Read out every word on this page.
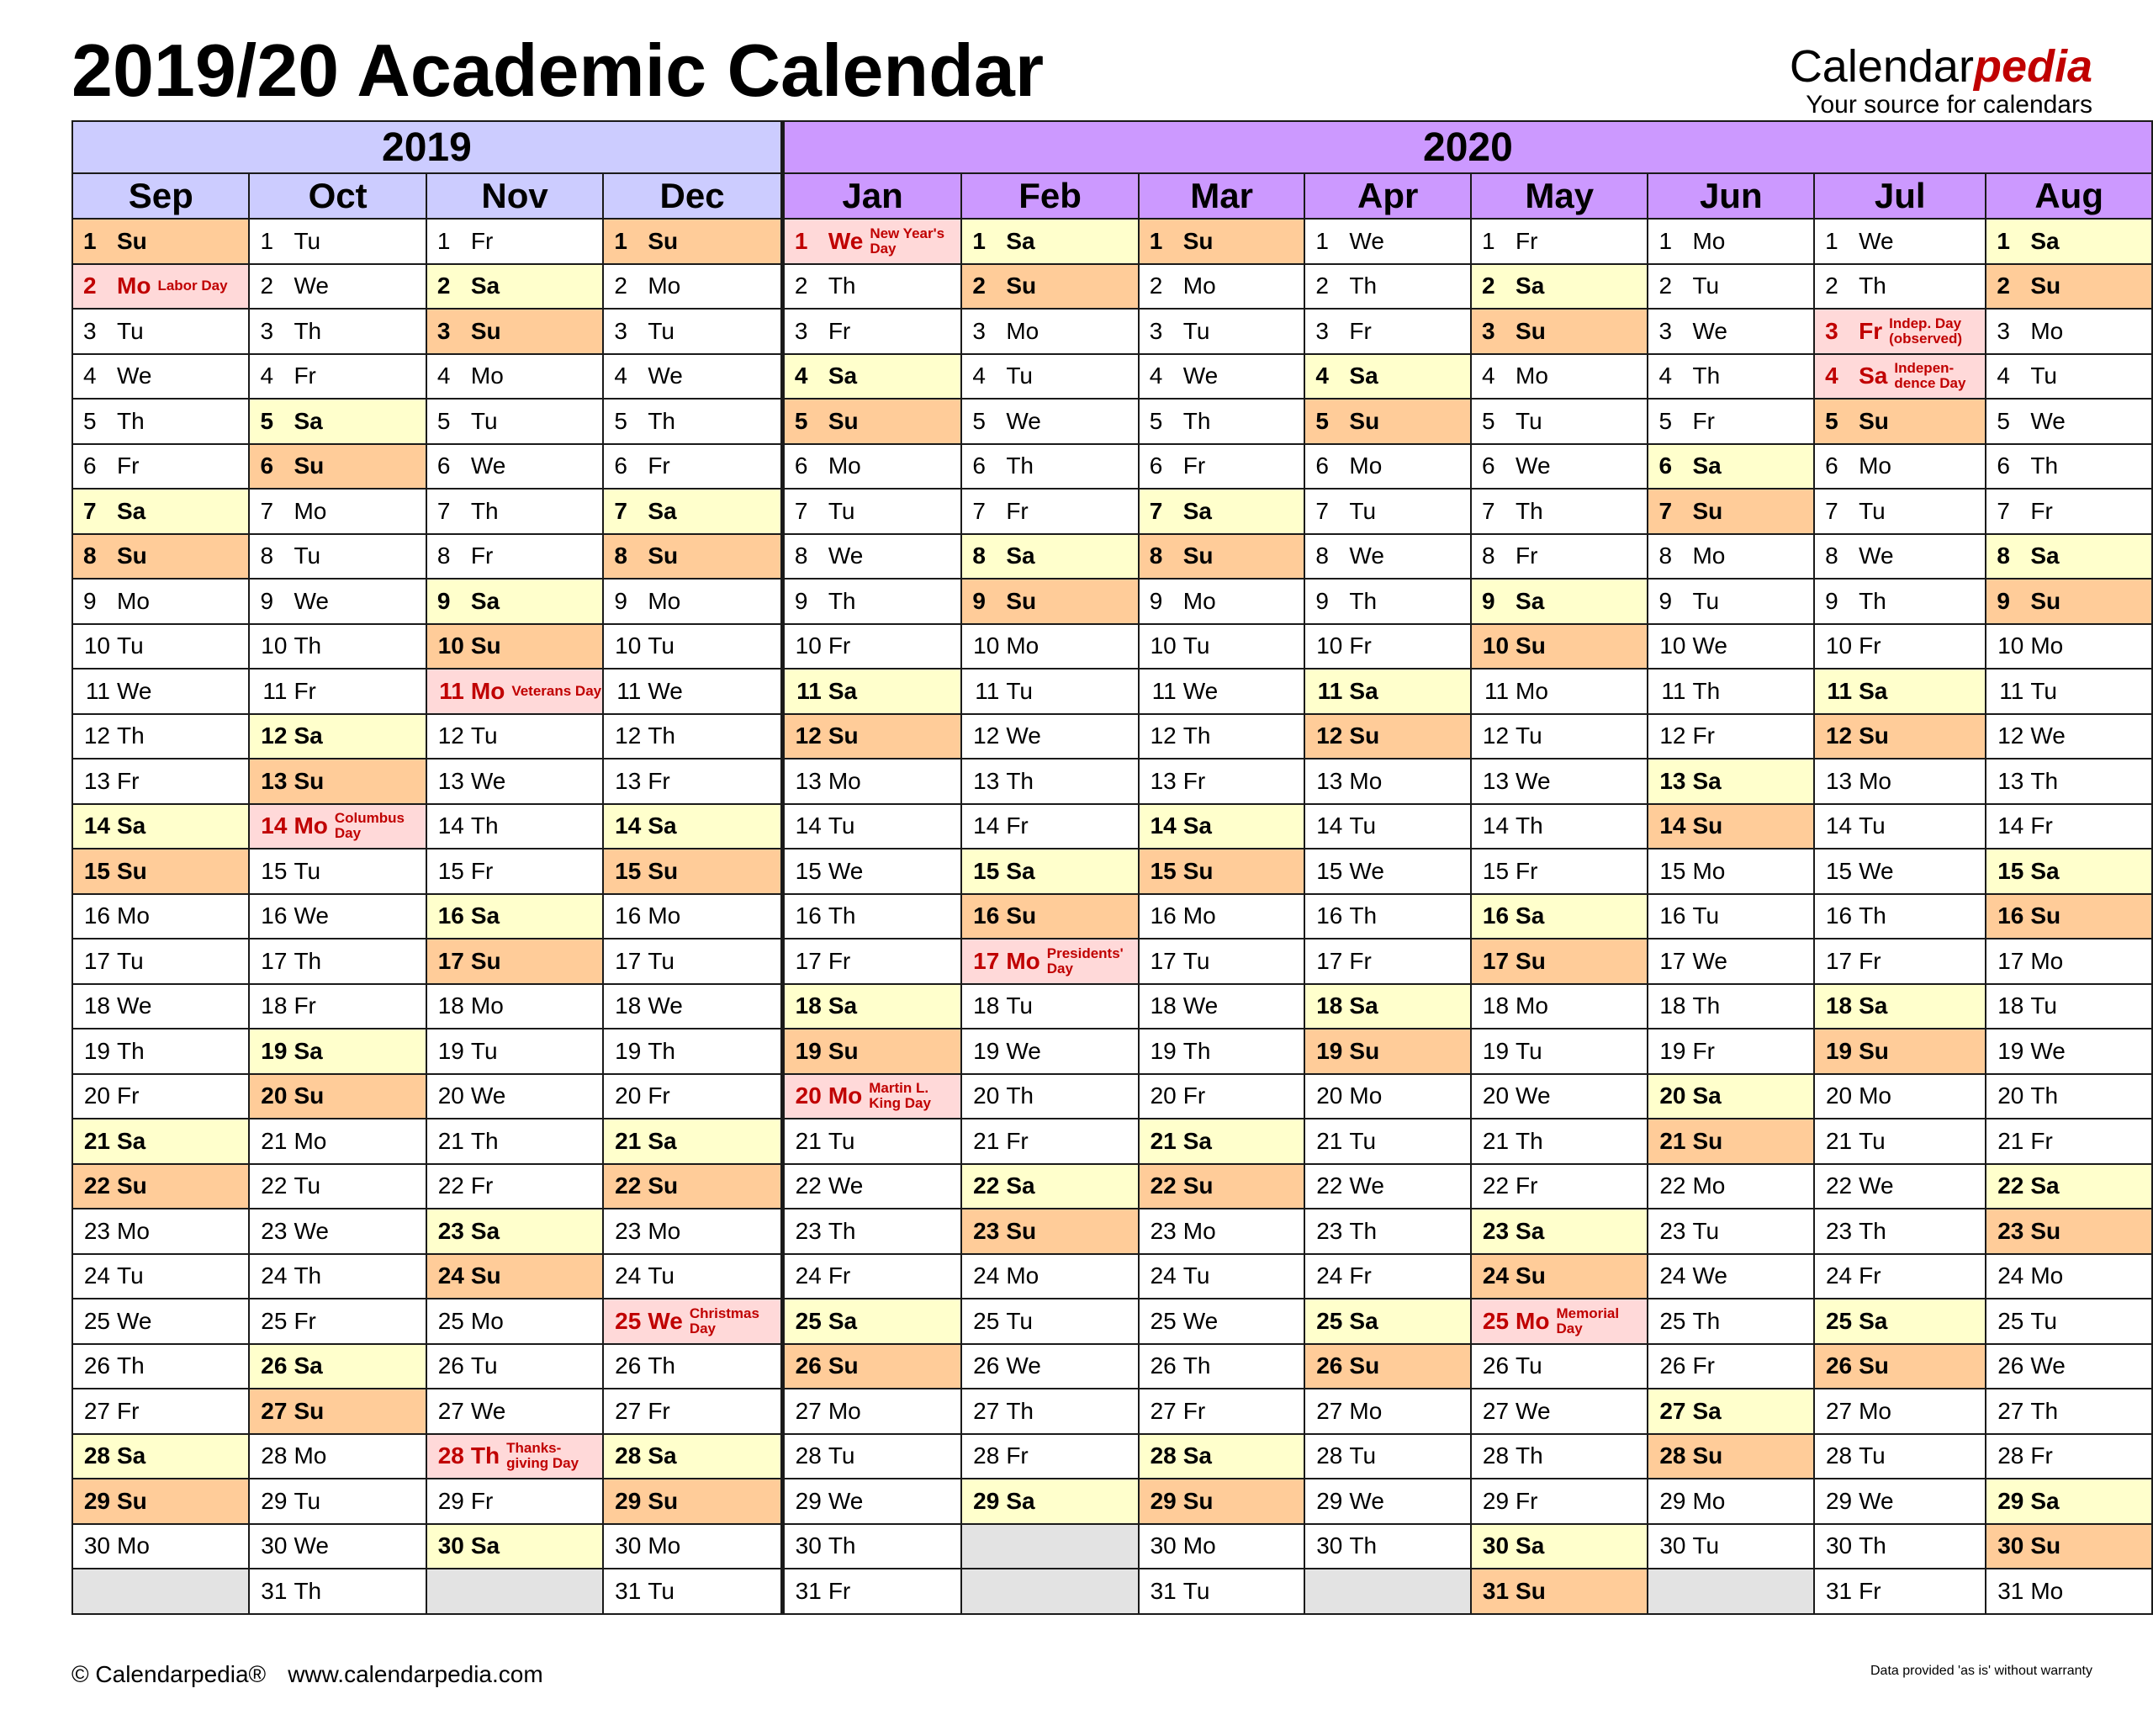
2019/20 Academic Calendar	Calendarpedia
Your source for calendars
2019				2020							
Sep	Oct	Nov	Dec	Jan	Feb	Mar	Apr	May	Jun	Jul	Aug

1 Su	1 Tu	1 Fr	1 Su	1 We New Year's Day	1 Sa	1 Su	1 We	1 Fr	1 Mo	1 We	1 Sa

2 Mo Labor Day	2 We	2 Sa	2 Mo	2 Th	2 Su	2 Mo	2 Th	2 Sa	2 Tu	2 Th	2 Su

3 Tu	3 Th	3 Su	3 Tu	3 Fr	3 Mo	3 Tu	3 Fr	3 Su	3 We	3 Fr Indep. Day (observed)	3 Mo

4 We	4 Fr	4 Mo	4 We	4 Sa	4 Tu	4 We	4 Sa	4 Mo	4 Th	4 Sa Indepen-dence Day	4 Tu

5 Th	5 Sa	5 Tu	5 Th	5 Su	5 We	5 Th	5 Su	5 Tu	5 Fr	5 Su	5 We

6 Fr	6 Su	6 We	6 Fr	6 Mo	6 Th	6 Fr	6 Mo	6 We	6 Sa	6 Mo	6 Th

7 Sa	7 Mo	7 Th	7 Sa	7 Tu	7 Fr	7 Sa	7 Tu	7 Th	7 Su	7 Tu	7 Fr

8 Su	8 Tu	8 Fr	8 Su	8 We	8 Sa	8 Su	8 We	8 Fr	8 Mo	8 We	8 Sa

9 Mo	9 We	9 Sa	9 Mo	9 Th	9 Su	9 Mo	9 Th	9 Sa	9 Tu	9 Th	9 Su

10 Tu	10 Th	10 Su	10 Tu	10 Fr	10 Mo	10 Tu	10 Fr	10 Su	10 We	10 Fr	10 Mo

11 We	11 Fr	11 Mo Veterans Day	11 We	11 Sa	11 Tu	11 We	11 Sa	11 Mo	11 Th	11 Sa	11 Tu

12 Th	12 Sa	12 Tu	12 Th	12 Su	12 We	12 Th	12 Su	12 Tu	12 Fr	12 Su	12 We

13 Fr	13 Su	13 We	13 Fr	13 Mo	13 Th	13 Fr	13 Mo	13 We	13 Sa	13 Mo	13 Th

14 Sa	14 Mo Columbus Day	14 Th	14 Sa	14 Tu	14 Fr	14 Sa	14 Tu	14 Th	14 Su	14 Tu	14 Fr

15 Su	15 Tu	15 Fr	15 Su	15 We	15 Sa	15 Su	15 We	15 Fr	15 Mo	15 We	15 Sa

16 Mo	16 We	16 Sa	16 Mo	16 Th	16 Su	16 Mo	16 Th	16 Sa	16 Tu	16 Th	16 Su

17 Tu	17 Th	17 Su	17 Tu	17 Fr	17 Mo Presidents' Day	17 Tu	17 Fr	17 Su	17 We	17 Fr	17 Mo

18 We	18 Fr	18 Mo	18 We	18 Sa	18 Tu	18 We	18 Sa	18 Mo	18 Th	18 Sa	18 Tu

19 Th	19 Sa	19 Tu	19 Th	19 Su	19 We	19 Th	19 Su	19 Tu	19 Fr	19 Su	19 We

20 Fr	20 Su	20 We	20 Fr	20 Mo Martin L. King Day	20 Th	20 Fr	20 Mo	20 We	20 Sa	20 Mo	20 Th

21 Sa	21 Mo	21 Th	21 Sa	21 Tu	21 Fr	21 Sa	21 Tu	21 Th	21 Su	21 Tu	21 Fr

22 Su	22 Tu	22 Fr	22 Su	22 We	22 Sa	22 Su	22 We	22 Fr	22 Mo	22 We	22 Sa

23 Mo	23 We	23 Sa	23 Mo	23 Th	23 Su	23 Mo	23 Th	23 Sa	23 Tu	23 Th	23 Su

24 Tu	24 Th	24 Su	24 Tu	24 Fr	24 Mo	24 Tu	24 Fr	24 Su	24 We	24 Fr	24 Mo

25 We	25 Fr	25 Mo	25 We Christmas Day	25 Sa	25 Tu	25 We	25 Sa	25 Mo Memorial Day	25 Th	25 Sa	25 Tu

26 Th	26 Sa	26 Tu	26 Th	26 Su	26 We	26 Th	26 Su	26 Tu	26 Fr	26 Su	26 We

27 Fr	27 Su	27 We	27 Fr	27 Mo	27 Th	27 Fr	27 Mo	27 We	27 Sa	27 Mo	27 Th

28 Sa	28 Mo	28 Th Thanks-giving Day	28 Sa	28 Tu	28 Fr	28 Sa	28 Tu	28 Th	28 Su	28 Tu	28 Fr

29 Su	29 Tu	29 Fr	29 Su	29 We	29 Sa	29 Su	29 We	29 Fr	29 Mo	29 We	29 Sa

30 Mo	30 We	30 Sa	30 Mo	30 Th		30 Mo	30 Th	30 Sa	30 Tu	30 Th	30 Su

	31 Th		31 Tu	31 Fr		31 Tu		31 Su		31 Fr	31 Mo
© Calendarpedia® www.calendarpedia.com	Data provided 'as is' without warranty
